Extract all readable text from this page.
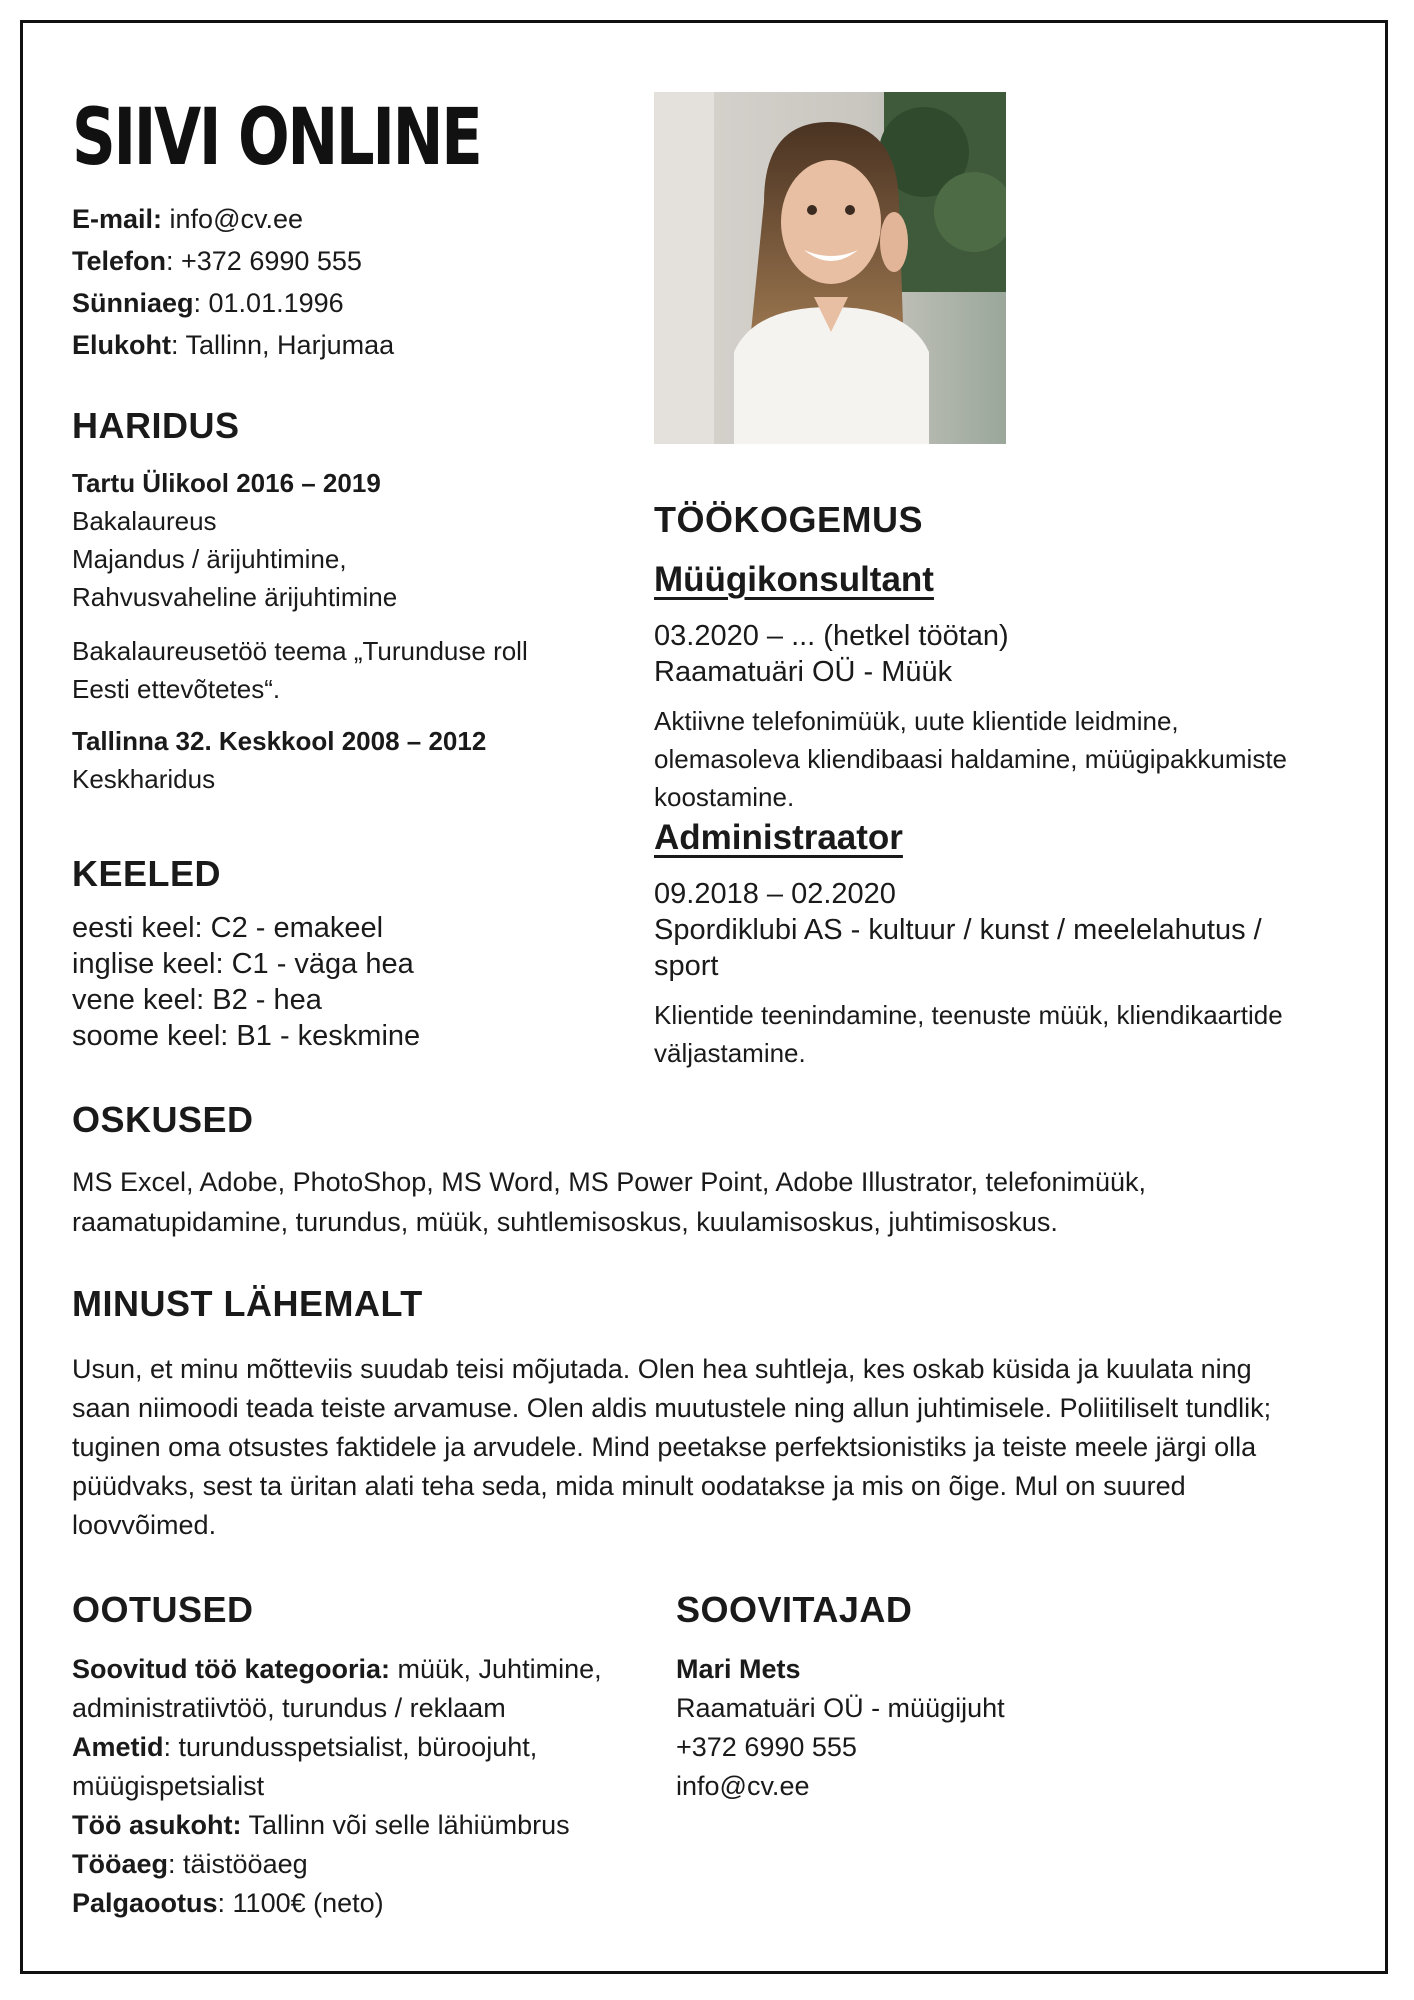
SIIVI ONLINE
E-mail: info@cv.ee
Telefon: +372 6990 555
Sünniaeg: 01.01.1996
Elukoht: Tallinn, Harjumaa
HARIDUS
Tartu Ülikool 2016 – 2019
Bakalaureus
Majandus / ärijuhtimine,
Rahvusvaheline ärijuhtimine
Bakalaureusetöö teema „Turunduse roll
Eesti ettevõtetes“.
Tallinna 32. Keskkool 2008 – 2012
Keskharidus
KEELED
eesti keel: C2 - emakeel
inglise keel: C1 - väga hea
vene keel: B2 - hea
soome keel: B1 - keskmine
TÖÖKOGEMUS
Müügikonsultant
03.2020 – ... (hetkel töötan)
Raamatuäri OÜ - Müük
Aktiivne telefonimüük, uute klientide leidmine,
olemasoleva kliendibaasi haldamine, müügipakkumiste
koostamine.
Administraator
09.2018 – 02.2020
Spordiklubi AS - kultuur / kunst / meelelahutus /
sport
Klientide teenindamine, teenuste müük, kliendikaartide
väljastamine.
OSKUSED
MS Excel, Adobe, PhotoShop, MS Word, MS Power Point, Adobe Illustrator, telefonimüük,
raamatupidamine, turundus, müük, suhtlemisoskus, kuulamisoskus, juhtimisoskus.
MINUST LÄHEMALT
Usun, et minu mõtteviis suudab teisi mõjutada. Olen hea suhtleja, kes oskab küsida ja kuulata ning
saan niimoodi teada teiste arvamuse. Olen aldis muutustele ning allun juhtimisele. Poliitiliselt tundlik;
tuginen oma otsustes faktidele ja arvudele. Mind peetakse perfektsionistiks ja teiste meele järgi olla
püüdvaks, sest ta üritan alati teha seda, mida minult oodatakse ja mis on õige. Mul on suured
loovvõimed.
OOTUSED
Soovitud töö kategooria: müük, Juhtimine,
administratiivtöö, turundus / reklaam
Ametid: turundusspetsialist, büroojuht,
müügispetsialist
Töö asukoht: Tallinn või selle lähiümbrus
Tööaeg: täistööaeg
Palgaootus: 1100€ (neto)
SOOVITAJAD
Mari Mets
Raamatuäri OÜ - müügijuht
+372 6990 555
info@cv.ee
